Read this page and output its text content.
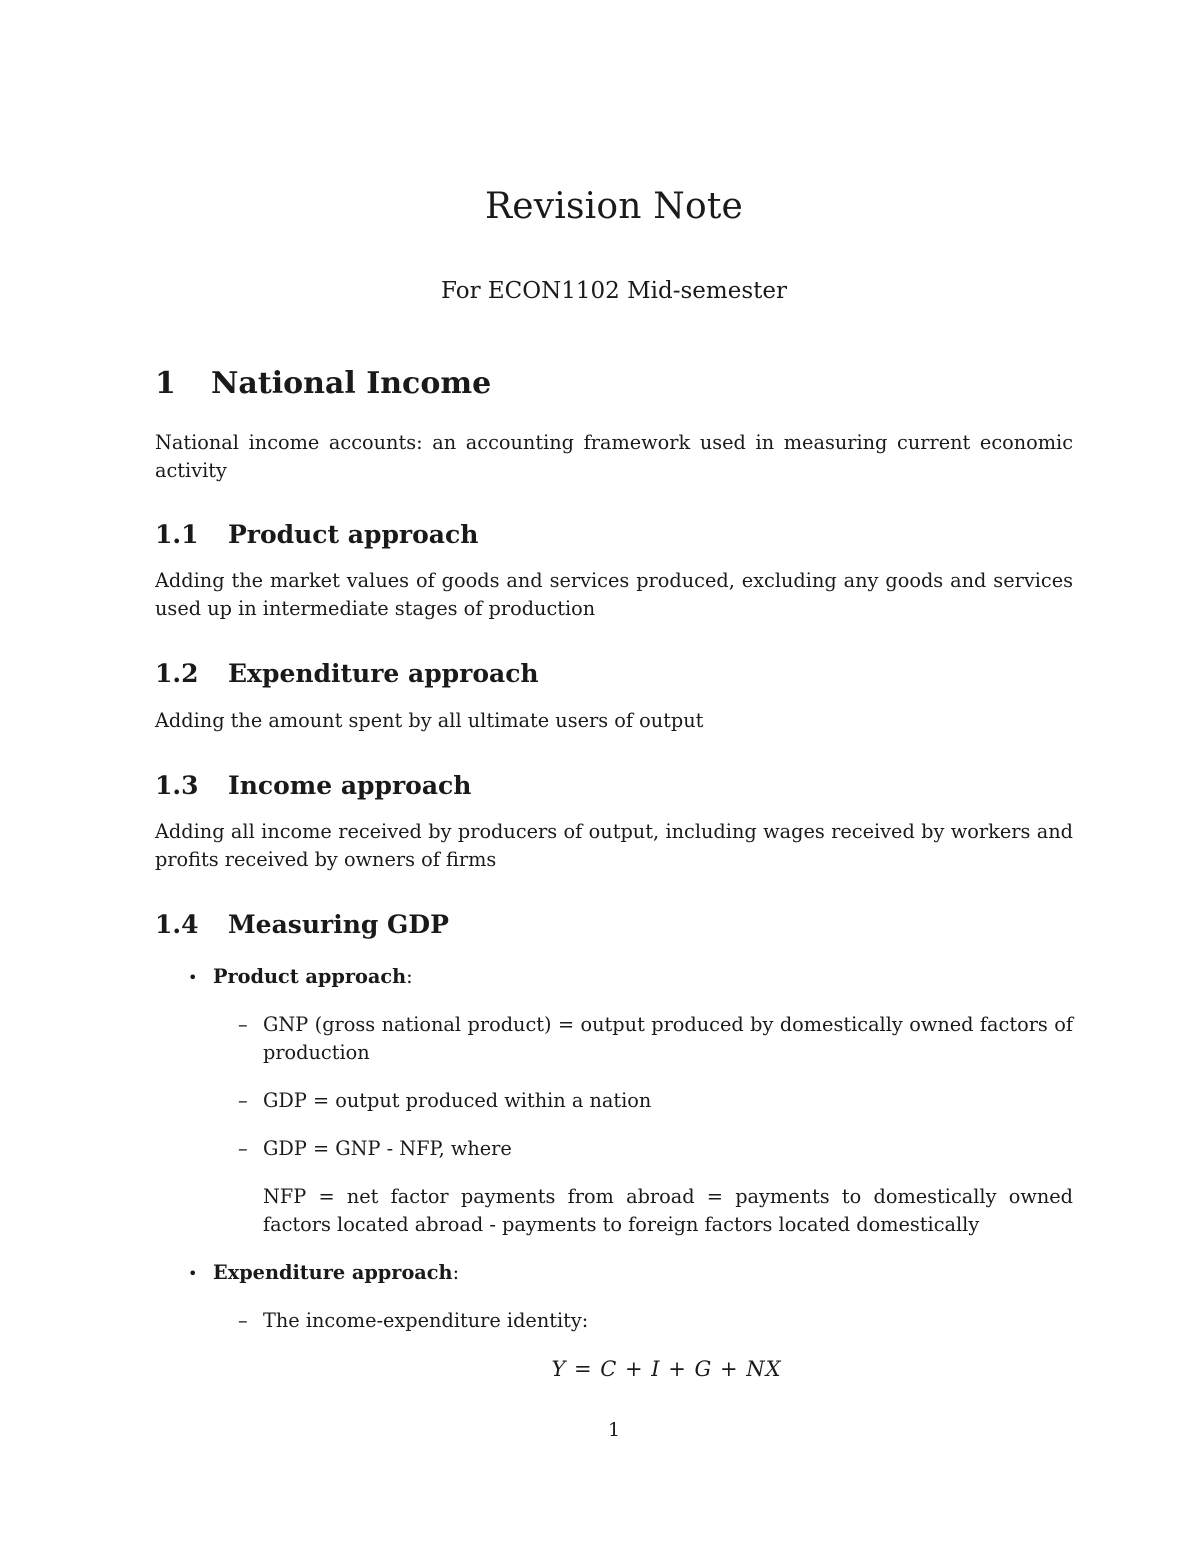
Revision Note
For ECON1102 Mid-semester
1 National Income

National income accounts: an accounting framework used in measuring current economic activity

1.1 Product approach

Adding the market values of goods and services produced, excluding any goods and services used up in intermediate stages of production

1.2 Expenditure approach

Adding the amount spent by all ultimate users of output

1.3 Income approach

Adding all income received by producers of output, including wages received by workers and profits received by owners of firms

1.4 Measuring GDP
• Product approach:
– GNP (gross national product) = output produced by domestically owned factors of production
– GDP = output produced within a nation
– GDP = GNP - NFP, where

NFP = net factor payments from abroad = payments to domestically owned factors located abroad - payments to foreign factors located domestically

• Expenditure approach:
– The income-expenditure identity:
Y = C + I + G + NX
1
